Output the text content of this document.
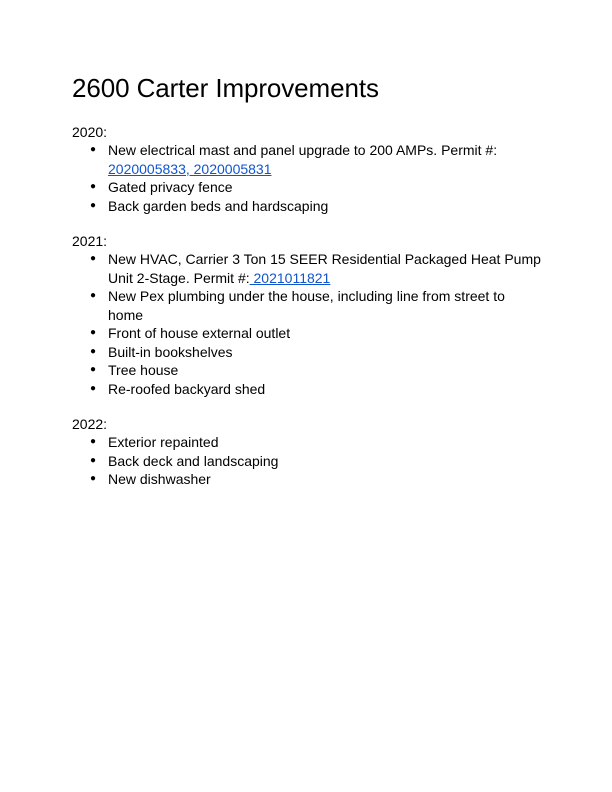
2600 Carter Improvements
2020:
● New electrical mast and panel upgrade to 200 AMPs. Permit #:
2020005833, 2020005831
● Gated privacy fence
● Back garden beds and hardscaping
2021:
● New HVAC, Carrier 3 Ton 15 SEER Residential Packaged Heat Pump Unit 2-Stage. Permit #: 2021011821
● New Pex plumbing under the house, including line from street to home
● Front of house external outlet
● Built-in bookshelves
● Tree house
● Re-roofed backyard shed
2022:
● Exterior repainted
● Back deck and landscaping
● New dishwasher
